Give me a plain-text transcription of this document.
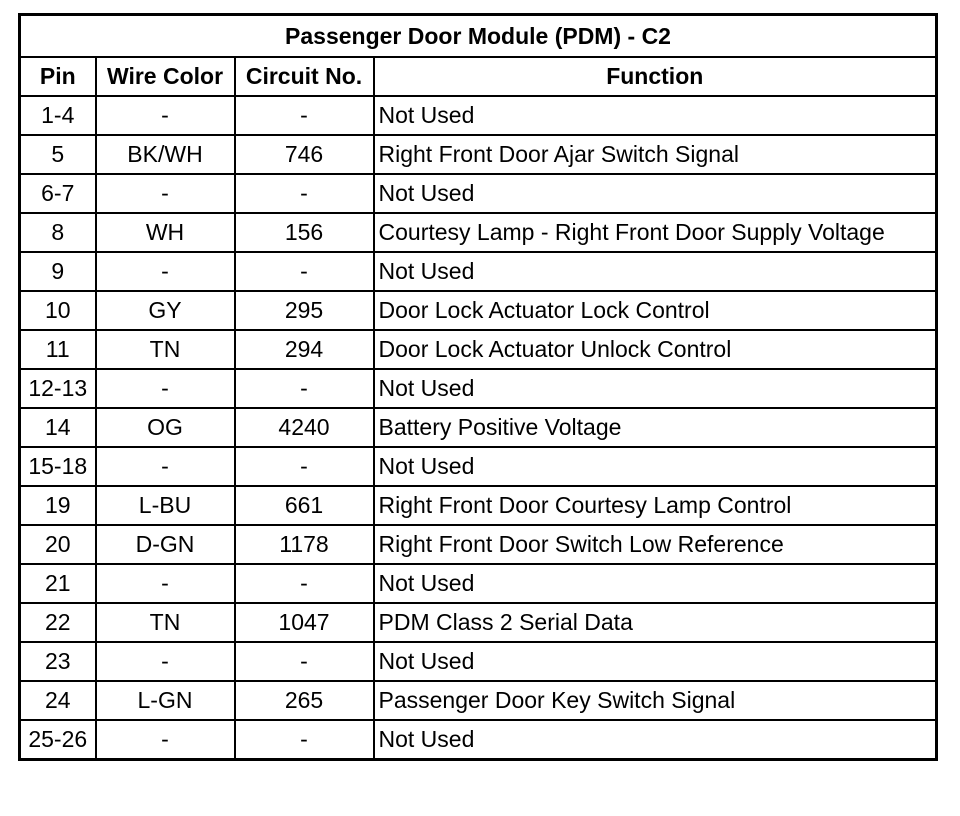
Passenger Door Module (PDM) - C2			
Pin	Wire Color	Circuit No.	Function
1-4	-	-	Not Used
5	BK/WH	746	Right Front Door Ajar Switch Signal
6-7	-	-	Not Used
8	WH	156	Courtesy Lamp - Right Front Door Supply Voltage
9	-	-	Not Used
10	GY	295	Door Lock Actuator Lock Control
11	TN	294	Door Lock Actuator Unlock Control
12-13	-	-	Not Used
14	OG	4240	Battery Positive Voltage
15-18	-	-	Not Used
19	L-BU	661	Right Front Door Courtesy Lamp Control
20	D-GN	1178	Right Front Door Switch Low Reference
21	-	-	Not Used
22	TN	1047	PDM Class 2 Serial Data
23	-	-	Not Used
24	L-GN	265	Passenger Door Key Switch Signal
25-26	-	-	Not Used
